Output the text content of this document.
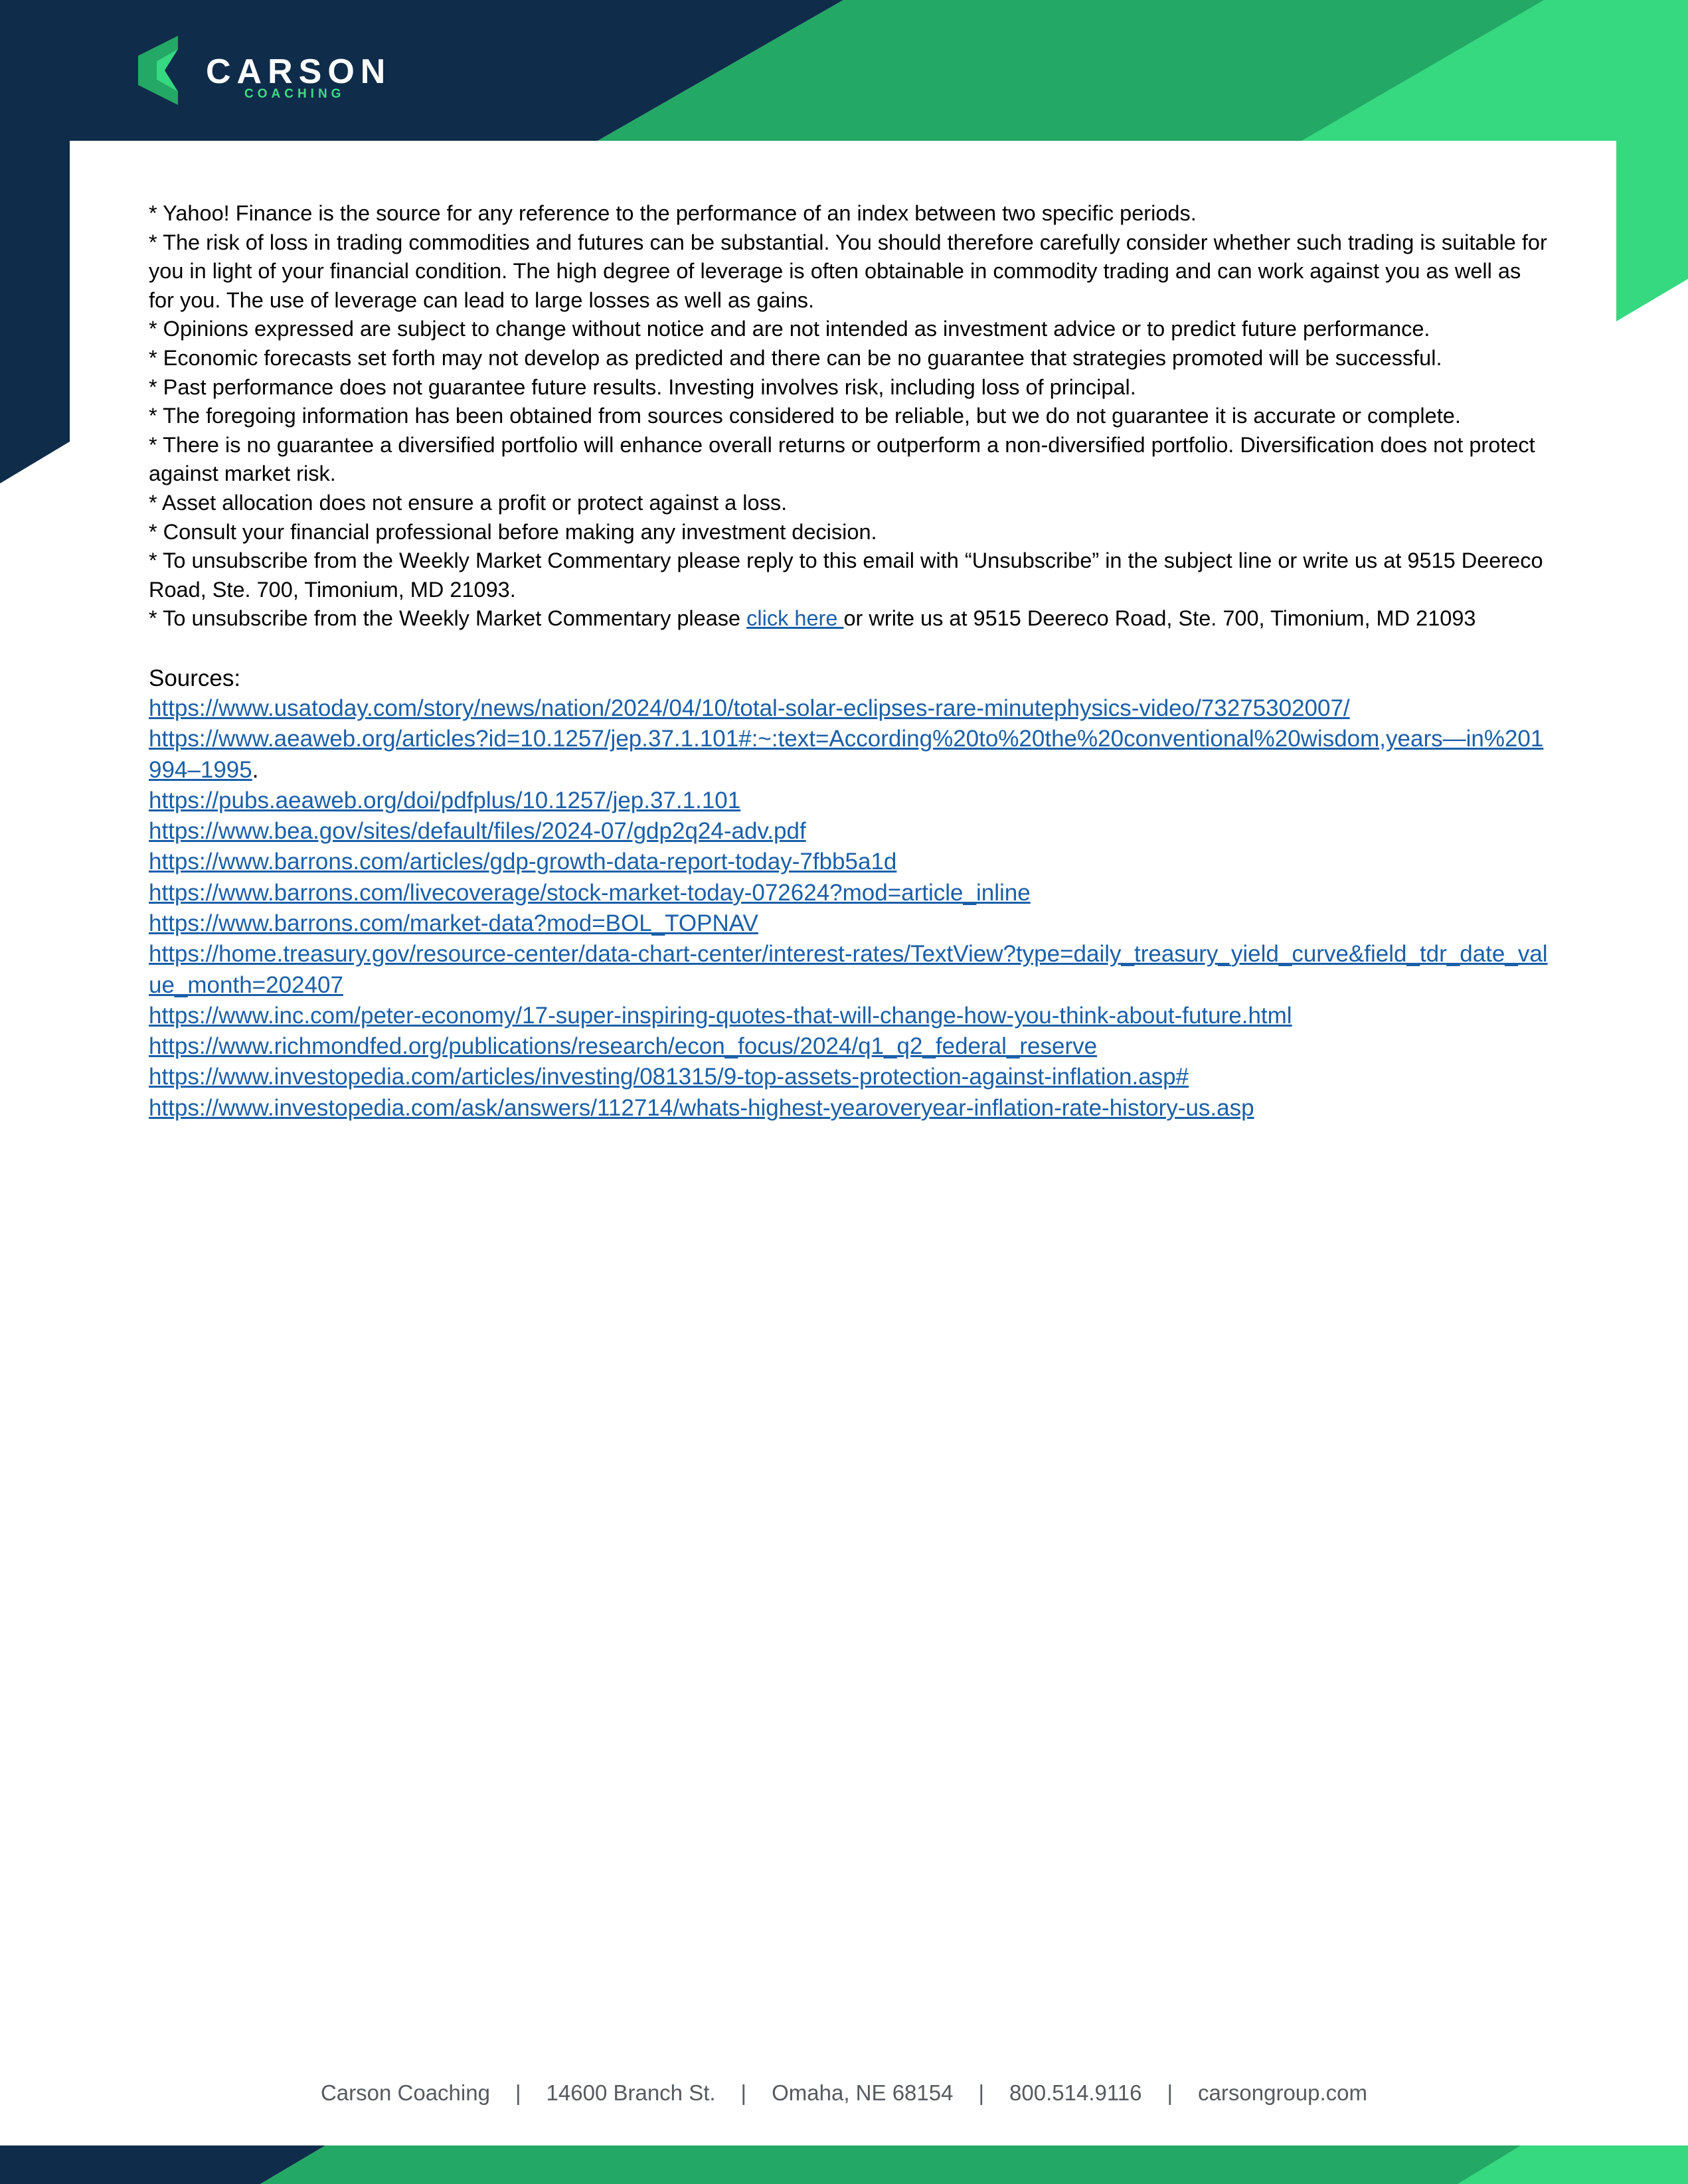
CARSON
COACHING

* Yahoo! Finance is the source for any reference to the performance of an index between two specific periods.

* The risk of loss in trading commodities and futures can be substantial. You should therefore carefully consider whether such trading is suitable for you in light of your financial condition. The high degree of leverage is often obtainable in commodity trading and can work against you as well as for you. The use of leverage can lead to large losses as well as gains.

* Opinions expressed are subject to change without notice and are not intended as investment advice or to predict future performance.

* Economic forecasts set forth may not develop as predicted and there can be no guarantee that strategies promoted will be successful.

* Past performance does not guarantee future results. Investing involves risk, including loss of principal.

* The foregoing information has been obtained from sources considered to be reliable, but we do not guarantee it is accurate or complete.

* There is no guarantee a diversified portfolio will enhance overall returns or outperform a non-diversified portfolio. Diversification does not protect against market risk.

* Asset allocation does not ensure a profit or protect against a loss.

* Consult your financial professional before making any investment decision.

* To unsubscribe from the Weekly Market Commentary please reply to this email with “Unsubscribe” in the subject line or write us at 9515 Deereco Road, Ste. 700, Timonium, MD 21093.

* To unsubscribe from the Weekly Market Commentary please click here or write us at 9515 Deereco Road, Ste. 700, Timonium, MD 21093

Sources:

https://www.usatoday.com/story/news/nation/2024/04/10/total-solar-eclipses-rare-minutephysics-video/73275302007/
https://www.aeaweb.org/articles?id=10.1257/jep.37.1.101#:~:text=According%20to%20the%20conventional%20wisdom,years—in%201994–1995.
https://pubs.aeaweb.org/doi/pdfplus/10.1257/jep.37.1.101
https://www.bea.gov/sites/default/files/2024-07/gdp2q24-adv.pdf
https://www.barrons.com/articles/gdp-growth-data-report-today-7fbb5a1d
https://www.barrons.com/livecoverage/stock-market-today-072624?mod=article_inline
https://www.barrons.com/market-data?mod=BOL_TOPNAV
https://home.treasury.gov/resource-center/data-chart-center/interest-rates/TextView?type=daily_treasury_yield_curve&field_tdr_date_value_month=202407
https://www.inc.com/peter-economy/17-super-inspiring-quotes-that-will-change-how-you-think-about-future.html
https://www.richmondfed.org/publications/research/econ_focus/2024/q1_q2_federal_reserve
https://www.investopedia.com/articles/investing/081315/9-top-assets-protection-against-inflation.asp#
https://www.investopedia.com/ask/answers/112714/whats-highest-yearoveryear-inflation-rate-history-us.asp
Carson Coaching | 14600 Branch St. | Omaha, NE 68154 | 800.514.9116 | carsongroup.com
